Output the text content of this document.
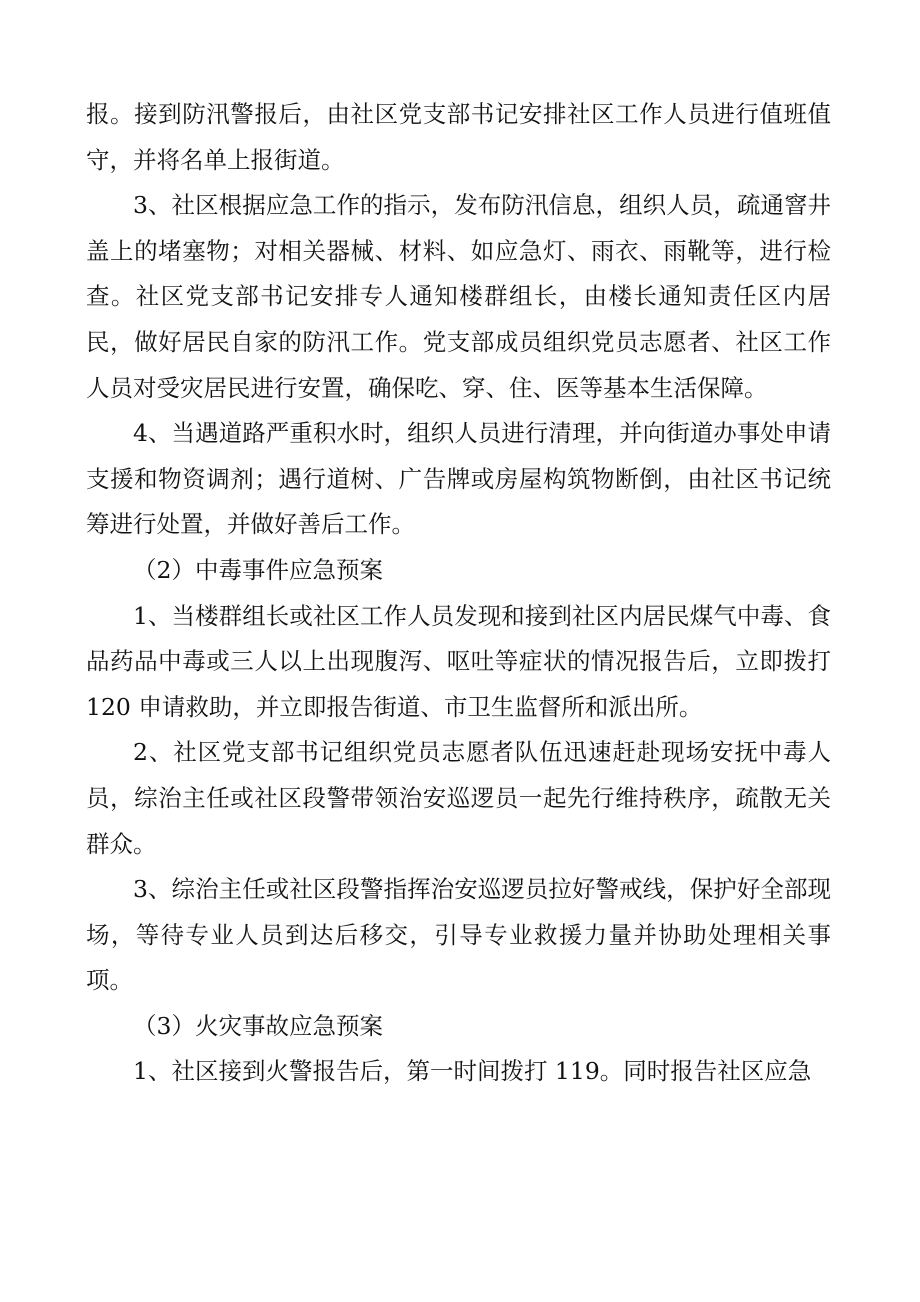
报。接到防汛警报后，由社区党支部书记安排社区工作人员进行值班值守，并将名单上报街道。

3、社区根据应急工作的指示，发布防汛信息，组织人员，疏通窨井盖上的堵塞物；对相关器械、材料、如应急灯、雨衣、雨靴等，进行检查。社区党支部书记安排专人通知楼群组长，由楼长通知责任区内居民，做好居民自家的防汛工作。党支部成员组织党员志愿者、社区工作人员对受灾居民进行安置，确保吃、穿、住、医等基本生活保障。

4、当遇道路严重积水时，组织人员进行清理，并向街道办事处申请支援和物资调剂；遇行道树、广告牌或房屋构筑物断倒，由社区书记统筹进行处置，并做好善后工作。

（2）中毒事件应急预案

1、当楼群组长或社区工作人员发现和接到社区内居民煤气中毒、食品药品中毒或三人以上出现腹泻、呕吐等症状的情况报告后，立即拨打 120 申请救助，并立即报告街道、市卫生监督所和派出所。

2、社区党支部书记组织党员志愿者队伍迅速赶赴现场安抚中毒人员，综治主任或社区段警带领治安巡逻员一起先行维持秩序，疏散无关群众。

3、综治主任或社区段警指挥治安巡逻员拉好警戒线，保护好全部现场，等待专业人员到达后移交，引导专业救援力量并协助处理相关事项。

（3）火灾事故应急预案

1、社区接到火警报告后，第一时间拨打 119。同时报告社区应急
